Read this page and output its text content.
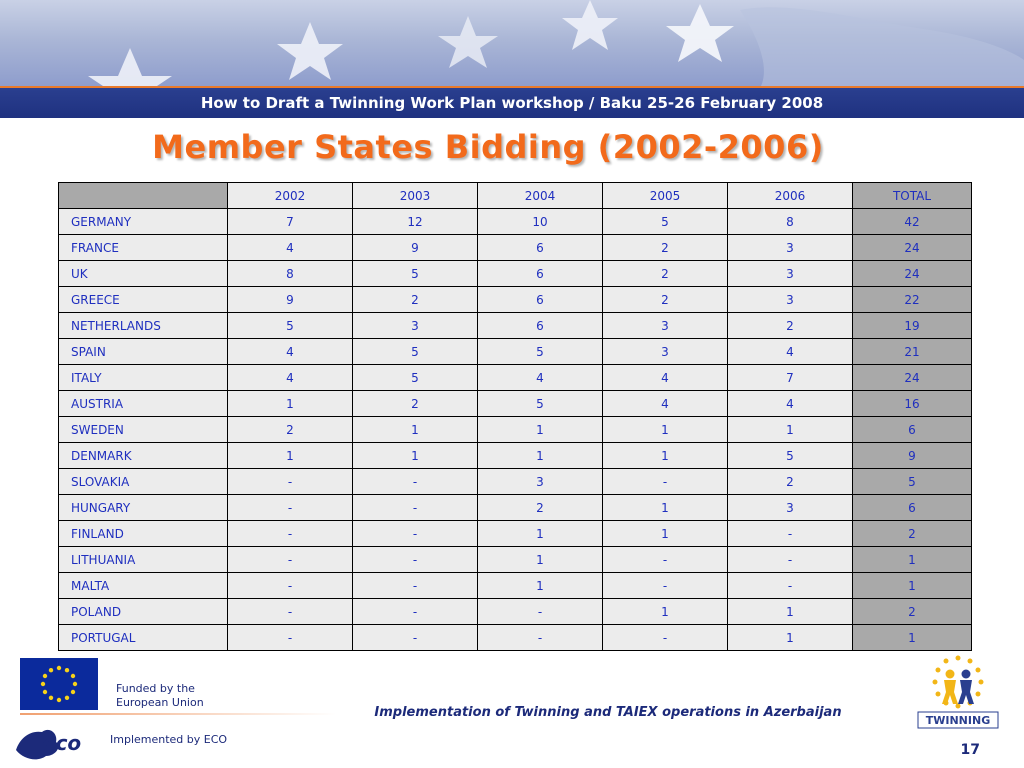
How to Draft a Twinning Work Plan workshop / Baku 25-26 February 2008
Member States Bidding (2002-2006)
	2002	2003	2004	2005	2006	TOTAL
GERMANY	7	12	10	5	8	42
FRANCE	4	9	6	2	3	24
UK	8	5	6	2	3	24
GREECE	9	2	6	2	3	22
NETHERLANDS	5	3	6	3	2	19
SPAIN	4	5	5	3	4	21
ITALY	4	5	4	4	7	24
AUSTRIA	1	2	5	4	4	16
SWEDEN	2	1	1	1	1	6
DENMARK	1	1	1	1	5	9
SLOVAKIA	-	-	3	-	2	5
HUNGARY	-	-	2	1	3	6
FINLAND	-	-	1	1	-	2
LITHUANIA	-	-	1	-	-	1
MALTA	-	-	1	-	-	1
POLAND	-	-	-	1	1	2
PORTUGAL	-	-	-	-	1	1
Funded by the
European Union
Implementation of Twinning and TAIEX operations in Azerbaijan
eco	Implemented by ECO
TWINNING
17
